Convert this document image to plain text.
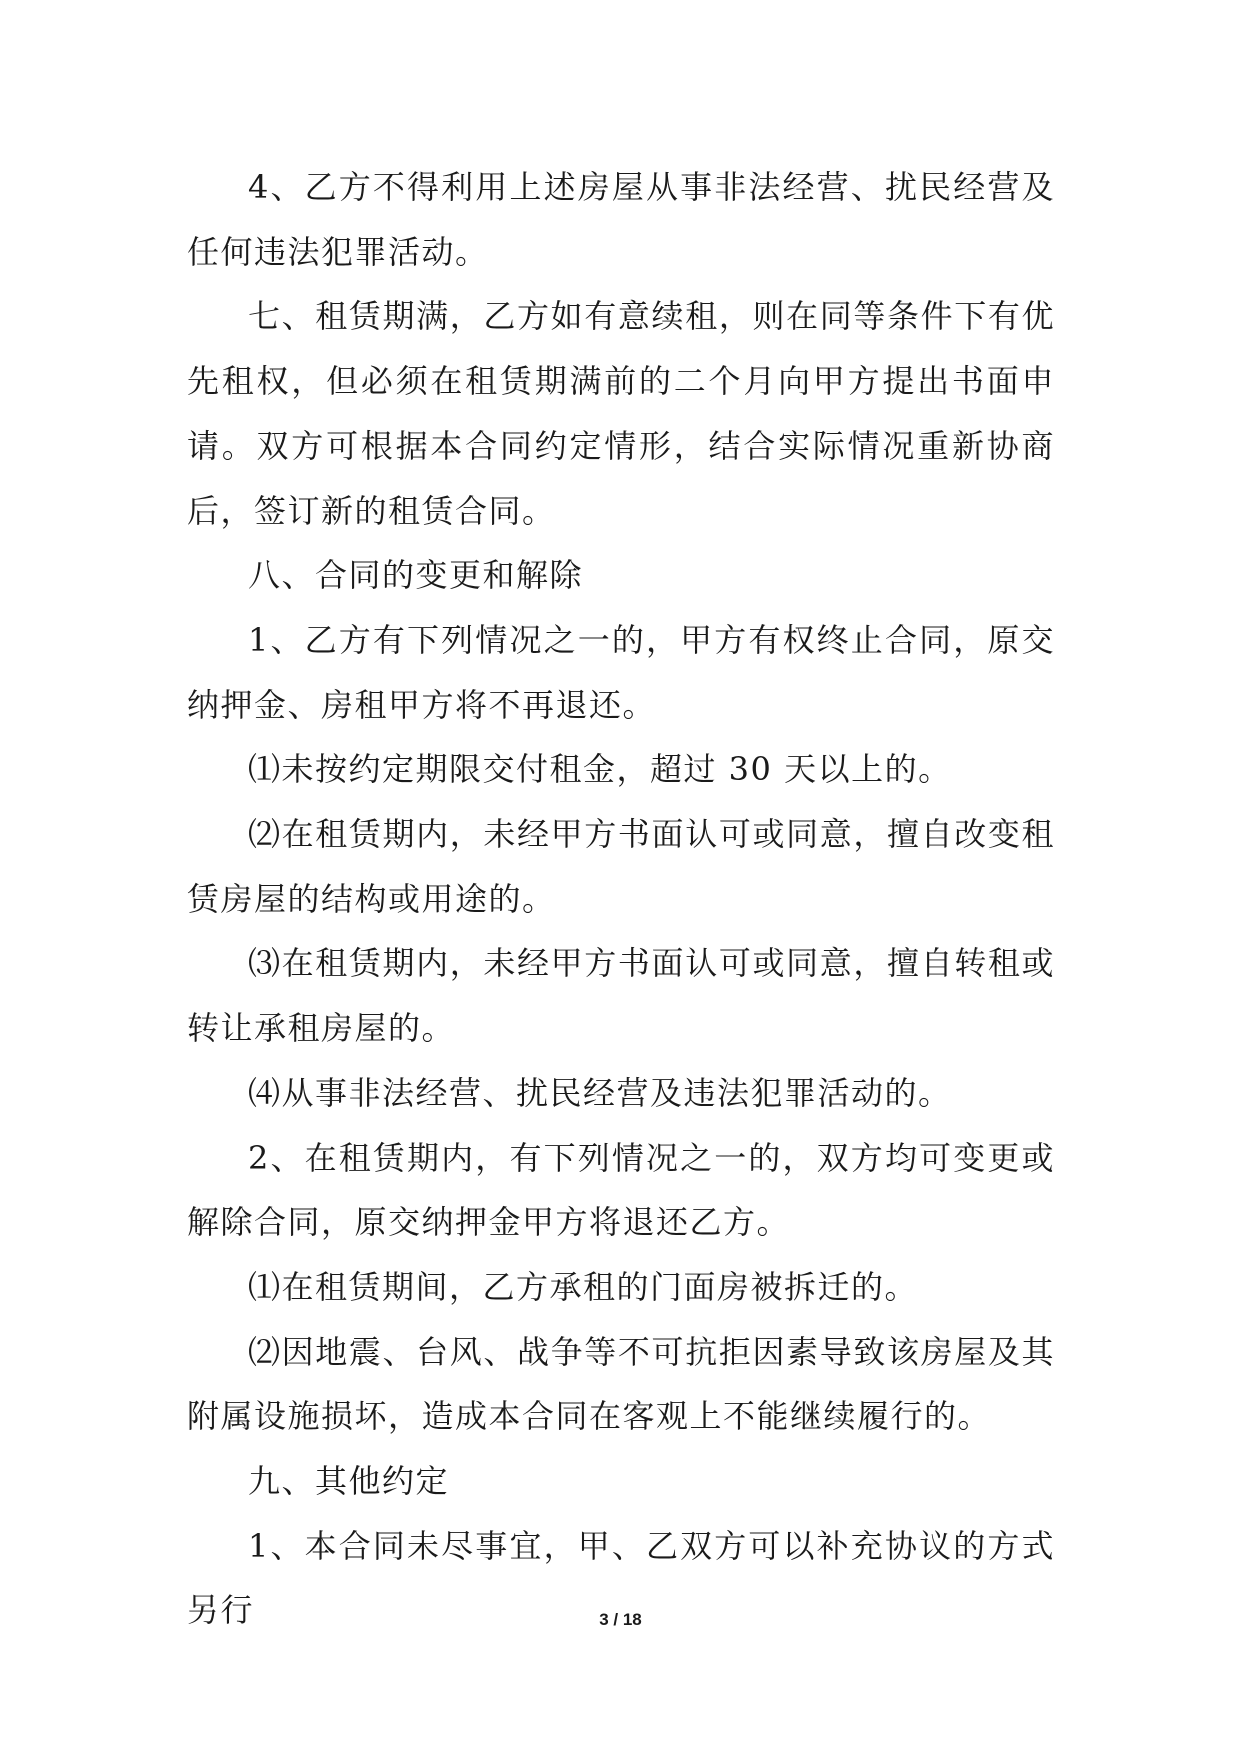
4、乙方不得利用上述房屋从事非法经营、扰民经营及任何违法犯罪活动。

七、租赁期满，乙方如有意续租，则在同等条件下有优先租权，但必须在租赁期满前的二个月向甲方提出书面申请。双方可根据本合同约定情形，结合实际情况重新协商后，签订新的租赁合同。

八、合同的变更和解除

1、乙方有下列情况之一的，甲方有权终止合同，原交纳押金、房租甲方将不再退还。

⑴未按约定期限交付租金，超过 30 天以上的。

⑵在租赁期内，未经甲方书面认可或同意，擅自改变租赁房屋的结构或用途的。

⑶在租赁期内，未经甲方书面认可或同意，擅自转租或转让承租房屋的。

⑷从事非法经营、扰民经营及违法犯罪活动的。

2、在租赁期内，有下列情况之一的，双方均可变更或解除合同，原交纳押金甲方将退还乙方。

⑴在租赁期间，乙方承租的门面房被拆迁的。

⑵因地震、台风、战争等不可抗拒因素导致该房屋及其附属设施损坏，造成本合同在客观上不能继续履行的。

九、其他约定

1、本合同未尽事宜，甲、乙双方可以补充协议的方式另行	3 / 18
